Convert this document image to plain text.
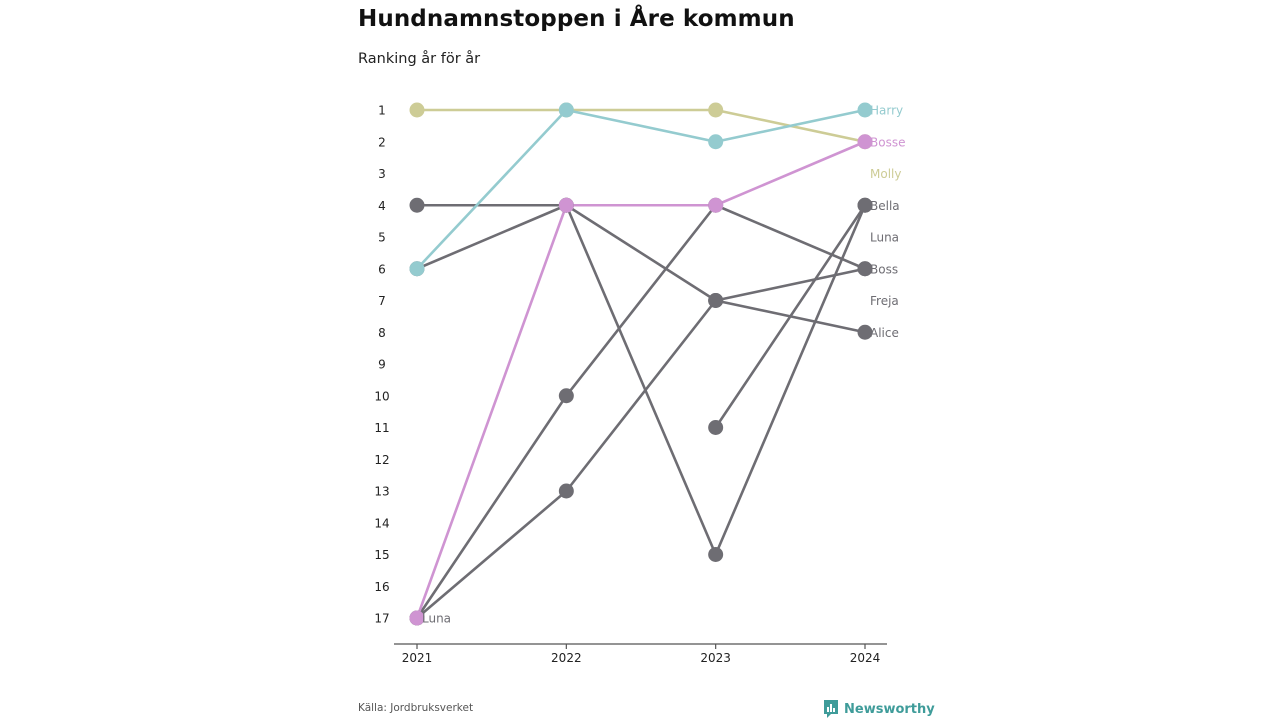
Hundnamnstoppen i Åre kommun
Ranking år för år
1
2
3
4
5
6
7
8
9
10
11
12
13
14
15
16
17
2021	2022	2023	2024
Harry
Bosse
Molly
Bella
Luna
Boss
Freja
Alice
Luna
Källa: Jordbruksverket	Newsworthy
